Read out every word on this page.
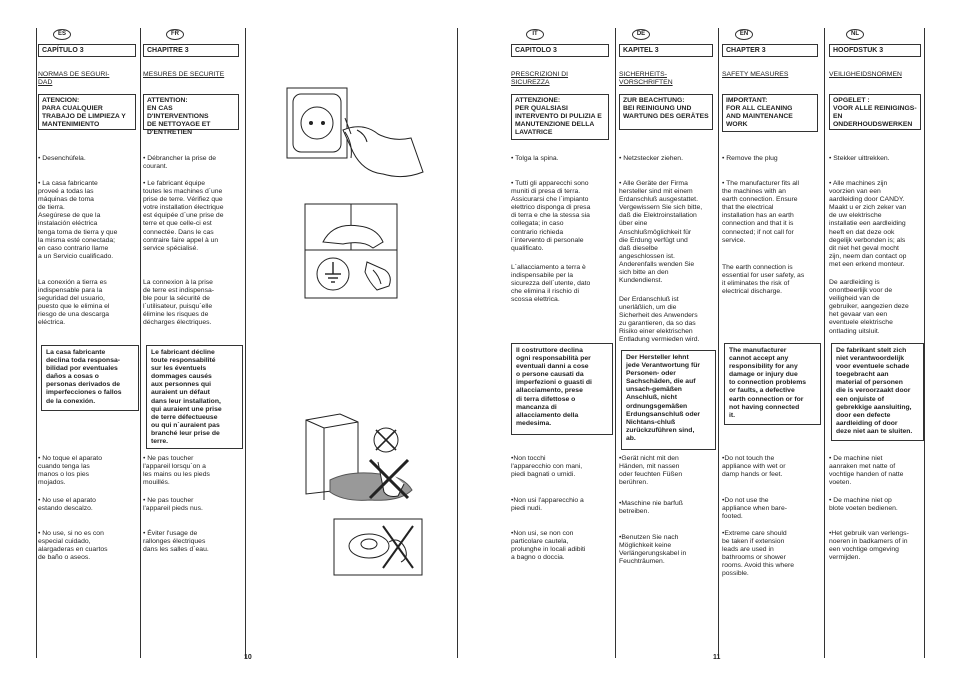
ES
CAPÍTULO 3
NORMAS DE SEGURI-
DAD
ATENCION:
PARA CUALQUIER
TRABAJO DE LIMPIEZA Y
MANTENIMIENTO
• Desenchúfela.
• La casa fabricante
proveé a todas las
máquinas de toma
de tierra.
Asegúrese de que la
instalación eléctrica
tenga toma de tierra y que
la misma esté conectada;
en caso contrario llame
a un Servicio cualificado.
La conexión a tierra es
indispensable para la
seguridad del usuario,
puesto que le elimina el
riesgo de una descarga
eléctrica.
La casa fabricante
declina toda responsa-
bilidad por eventuales
daños a cosas o
personas derivados de
imperfecciones o fallos
de la conexión.
• No toque el aparato
cuando tenga las
manos o los pies
mojados.
• No use el aparato
estando descalzo.
• No use, si no es con
especial cuidado,
alargaderas en cuartos
de baño o aseos.
FR
CHAPITRE 3
MESURES DE SECURITE
ATTENTION:
EN CAS D'INTERVENTIONS
DE NETTOYAGE ET
D'ENTRETIEN
• Débrancher la prise de
courant.
• Le fabricant équipe
toutes les machines d`une
prise de terre. Vérifiez que
votre installation électrique
est équipée d`une prise de
terre et que celle-ci est
connectée. Dans le cas
contraire faire appel à un
service spécialisé.
La connexion à la prise
de terre est indispensa-
ble pour la sécurité de
l`utilisateur, puisqu`elle
élimine les risques de
décharges électriques.
Le fabricant décline
toute responsabilité
sur les éventuels
dommages causés
aux personnes qui
auraient un défaut
dans leur installation,
qui auraient une prise
de terre défectueuse
ou qui n`auraient pas
branché leur prise de
terre.
• Ne pas toucher
l'appareil lorsqu`on a
les mains ou les pieds
mouillés.
• Ne pas toucher
l'appareil pieds nus.
• Éviter l'usage de
rallonges électriques
dans les salles d`eau.
IT
CAPITOLO 3
PRESCRIZIONI DI
SICUREZZA
ATTENZIONE:
PER QUALSIASI
INTERVENTO DI PULIZIA E
MANUTENZIONE DELLA
LAVATRICE
• Tolga la spina.
• Tutti gli apparecchi sono
muniti di presa di terra.
Assicurarsi che l`impianto
elettrico disponga di presa
di terra e che la stessa sia
collegata; in caso
contrario richieda
l`intervento di personale
qualificato.
L`allacciamento a terra è
indispensabile per la
sicurezza dell`utente, dato
che elimina il rischio di
scossa elettrica.
Il costruttore declina
ogni responsabilità per
eventuali danni a cose
o persone causati da
imperfezioni o guasti di
allacciamento, prese
di terra difettose o
mancanza di
allacciamento della
medesima.
•Non tocchi
l'apparecchio con mani,
piedi bagnati o umidi.
•Non usi l'apparecchio a
piedi nudi.
•Non usi, se non con
particolare cautela,
prolunghe in locali adibiti
a bagno o doccia.
DE
KAPITEL 3
SICHERHEITS-
VORSCHRIFTEN
ZUR BEACHTUNG:
BEI REINIGUNG UND
WARTUNG DES GERÄTES
• Netzstecker ziehen.
• Alle Geräte der Firma
hersteller sind mit einem
Erdanschluß ausgestattet.
Vergewissern Sie sich bitte,
daß die Elektroinstallation
über eine
Anschlußmöglichkeit für
die Erdung verfügt und
daß dieselbe
angeschlossen ist.
Anderenfalls wenden Sie
sich bitte an den
Kundendienst.
Der Erdanschluß ist
unerläßlich, um die
Sicherheit des Anwenders
zu garantieren, da so das
Risiko einer elektrischen
Entladung vermieden wird.
Der Hersteller lehnt
jede Verantwortung für
Personen- oder
Sachschäden, die auf
unsach-gemäßen
Anschluß, nicht
ordnungsgemäßen
Erdungsanschluß oder
Nichtans-chluß
zurückzuführen sind,
ab.
•Gerät nicht mit den
Händen, mit nassen
oder feuchten Füßen
berühren.
•Maschine nie barfuß
betreiben.
•Benutzen Sie nach
Möglichkeit keine
Verlängerungskabel in
Feuchträumen.
EN
CHAPTER 3
SAFETY MEASURES
IMPORTANT:
FOR ALL CLEANING
AND MAINTENANCE
WORK
• Remove the plug
• The manufacturer fits all
the machines with an
earth connection. Ensure
that the electrical
installation has an earth
connection and that it is
connected; if not call for
service.
The earth connection is
essential for user safety, as
it eliminates the risk of
electrical discharge.
The manufacturer
cannot accept any
responsibility for any
damage or injury due
to connection problems
or faults, a defective
earth connection or for
not having connected
it.
•Do not touch the
appliance with wet or
damp hands or feet.
•Do not use the
appliance when bare-
footed.
•Extreme care should
be taken if extension
leads are used in
bathrooms or shower
rooms. Avoid this where
possible.
NL
HOOFDSTUK 3
VEILIGHEIDSNORMEN
OPGELET :
VOOR ALLE REINIGINGS-
EN ONDERHOUDSWERKEN
• Stekker uittrekken.
• Alle machines zijn
voorzien van een
aardleiding door CANDY.
Maakt u er zich zeker van
de uw elektrische
installatie een aardleiding
heeft en dat deze ook
degelijk verbonden is; als
dit niet het geval mocht
zijn, neem dan contact op
met een erkend monteur.
De aardleiding is
onontbeerlijk voor de
veiligheid van de
gebruiker, aangezien deze
het gevaar van een
eventuele elektrische
ontlading uitsluit.
De fabrikant stelt zich
niet verantwoordelijk
voor eventuele schade
toegebracht aan
material of personen
die is veroorzaakt door
een onjuiste of
gebrekkige aansluiting,
door een defecte
aardleiding of door
deze niet aan te sluiten.
• De machine niet
aanraken met natte of
vochtige handen of natte
voeten.
• De machine niet op
blote voeten bedienen.
•Het gebruik van verlengs-
noeren in badkamers of in
een vochtige omgeving
vermijden.
10	11
